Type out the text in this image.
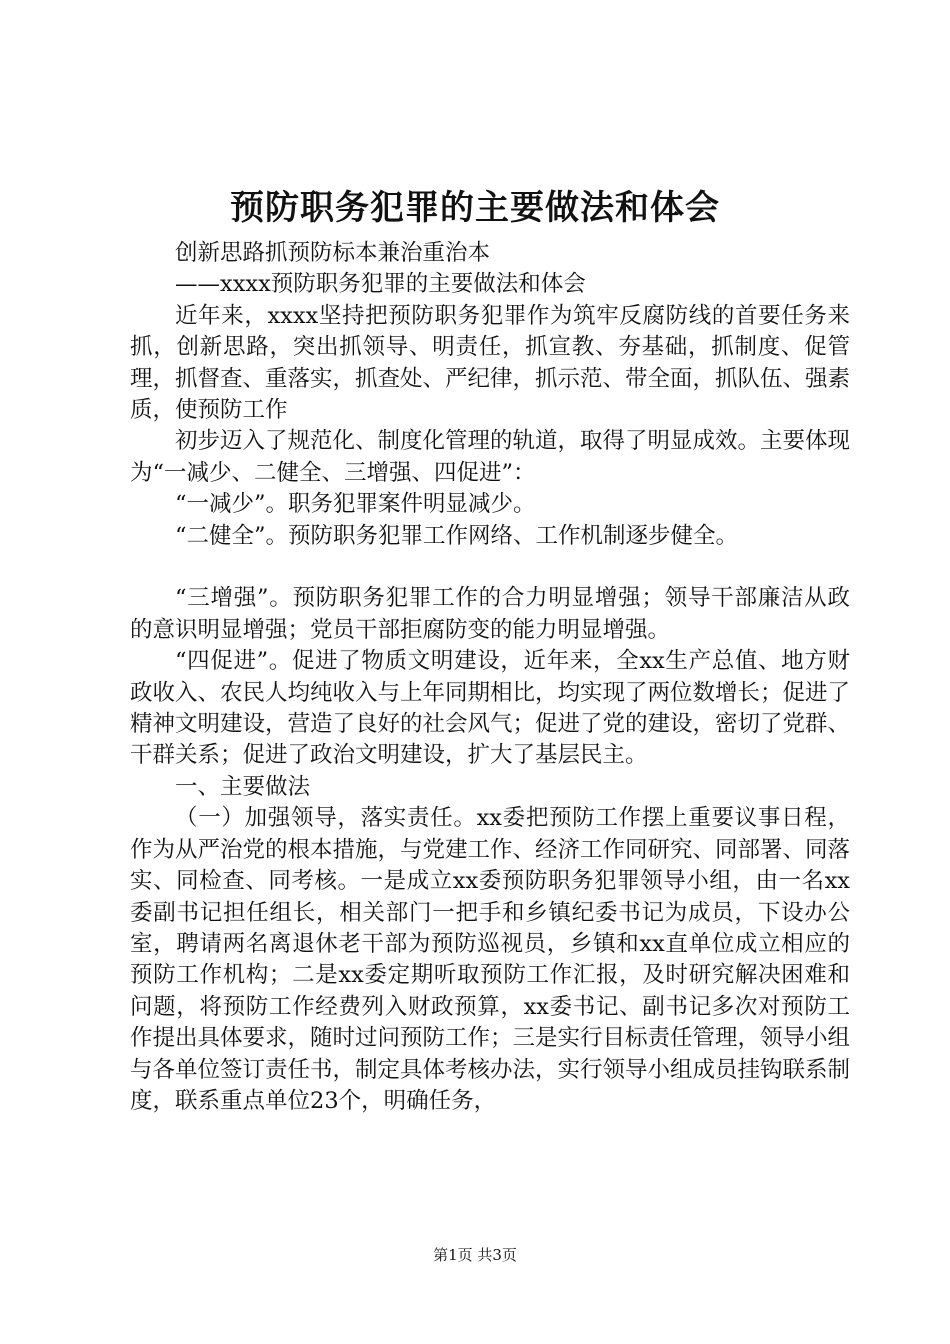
预防职务犯罪的主要做法和体会

创新思路抓预防标本兼治重治本

——xxxx预防职务犯罪的主要做法和体会

近年来，xxxx坚持把预防职务犯罪作为筑牢反腐防线的首要任务来抓，创新思路，突出抓领导、明责任，抓宣教、夯基础，抓制度、促管理，抓督查、重落实，抓查处、严纪律，抓示范、带全面，抓队伍、强素质，使预防工作

初步迈入了规范化、制度化管理的轨道，取得了明显成效。主要体现为“一减少、二健全、三增强、四促进”：

“一减少”。职务犯罪案件明显减少。

“二健全”。预防职务犯罪工作网络、工作机制逐步健全。

“三增强”。预防职务犯罪工作的合力明显增强；领导干部廉洁从政的意识明显增强；党员干部拒腐防变的能力明显增强。

“四促进”。促进了物质文明建设，近年来，全xx生产总值、地方财政收入、农民人均纯收入与上年同期相比，均实现了两位数增长；促进了精神文明建设，营造了良好的社会风气；促进了党的建设，密切了党群、干群关系；促进了政治文明建设，扩大了基层民主。

一、主要做法

（一）加强领导，落实责任。xx委把预防工作摆上重要议事日程，作为从严治党的根本措施，与党建工作、经济工作同研究、同部署、同落实、同检查、同考核。一是成立xx委预防职务犯罪领导小组，由一名xx委副书记担任组长，相关部门一把手和乡镇纪委书记为成员，下设办公室，聘请两名离退休老干部为预防巡视员，乡镇和xx直单位成立相应的预防工作机构；二是xx委定期听取预防工作汇报，及时研究解决困难和问题，将预防工作经费列入财政预算，xx委书记、副书记多次对预防工作提出具体要求，随时过问预防工作；三是实行目标责任管理，领导小组与各单位签订责任书，制定具体考核办法，实行领导小组成员挂钩联系制度，联系重点单位23个，明确任务，

第1页 共3页
